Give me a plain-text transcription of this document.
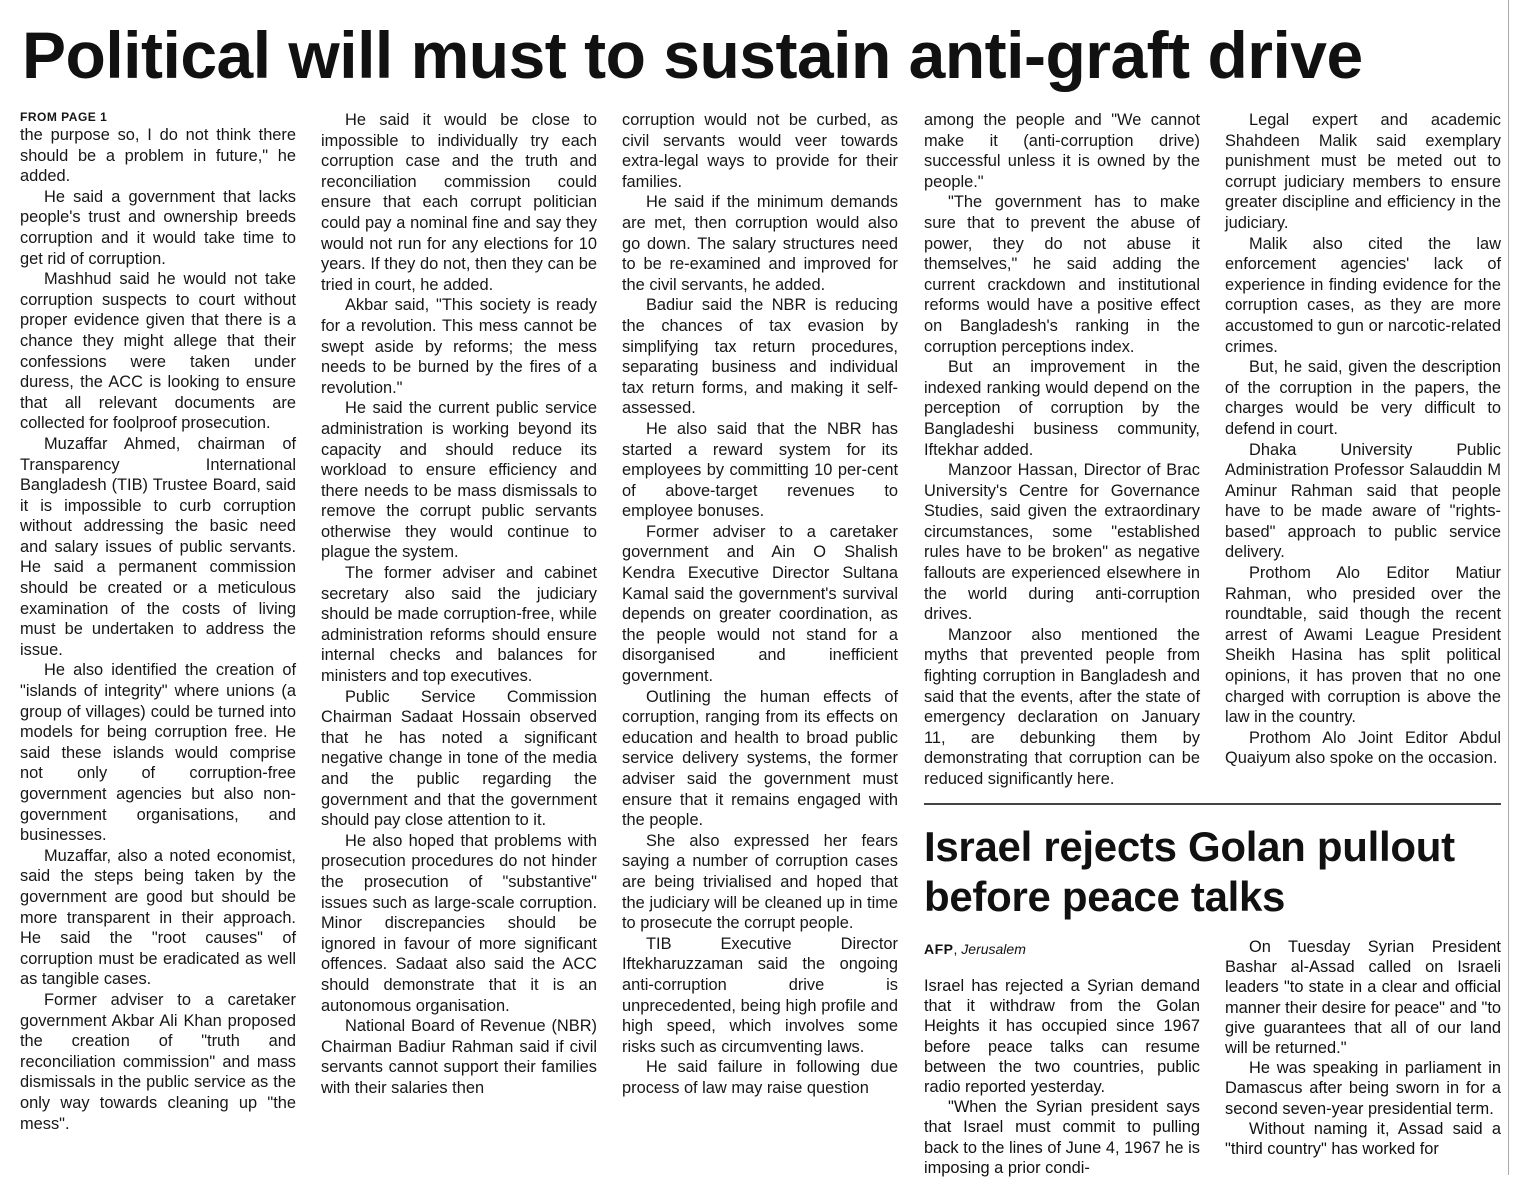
Political will must to sustain anti-graft drive
FROM PAGE 1

the purpose so, I do not think there should be a problem in future," he added.

He said a government that lacks people's trust and ownership breeds corruption and it would take time to get rid of corruption.

Mashhud said he would not take corruption suspects to court without proper evidence given that there is a chance they might allege that their confessions were taken under duress, the ACC is looking to ensure that all relevant documents are collected for foolproof prosecution.

Muzaffar Ahmed, chairman of Transparency International Bangladesh (TIB) Trustee Board, said it is impossible to curb corruption without addressing the basic need and salary issues of public servants. He said a permanent commission should be created or a meticulous examination of the costs of living must be undertaken to address the issue.

He also identified the creation of "islands of integrity" where unions (a group of villages) could be turned into models for being corruption free. He said these islands would comprise not only of corruption-free government agencies but also non-government organisations, and businesses.

Muzaffar, also a noted economist, said the steps being taken by the government are good but should be more transparent in their approach. He said the "root causes" of corruption must be eradicated as well as tangible cases.

Former adviser to a caretaker government Akbar Ali Khan proposed the creation of "truth and reconciliation commission" and mass dismissals in the public service as the only way towards cleaning up "the mess".

He said it would be close to impossible to individually try each corruption case and the truth and reconciliation commission could ensure that each corrupt politician could pay a nominal fine and say they would not run for any elections for 10 years. If they do not, then they can be tried in court, he added.

Akbar said, "This society is ready for a revolution. This mess cannot be swept aside by reforms; the mess needs to be burned by the fires of a revolution."

He said the current public service administration is working beyond its capacity and should reduce its workload to ensure efficiency and there needs to be mass dismissals to remove the corrupt public servants otherwise they would continue to plague the system.

The former adviser and cabinet secretary also said the judiciary should be made corruption-free, while administration reforms should ensure internal checks and balances for ministers and top executives.

Public Service Commission Chairman Sadaat Hossain observed that he has noted a significant negative change in tone of the media and the public regarding the government and that the government should pay close attention to it.

He also hoped that problems with prosecution procedures do not hinder the prosecution of "substantive" issues such as large-scale corruption. Minor discrepancies should be ignored in favour of more significant offences. Sadaat also said the ACC should demonstrate that it is an autonomous organisation.

National Board of Revenue (NBR) Chairman Badiur Rahman said if civil servants cannot support their families with their salaries then

corruption would not be curbed, as civil servants would veer towards extra-legal ways to provide for their families.

He said if the minimum demands are met, then corruption would also go down. The salary structures need to be re-examined and improved for the civil servants, he added.

Badiur said the NBR is reducing the chances of tax evasion by simplifying tax return procedures, separating business and individual tax return forms, and making it self-assessed.

He also said that the NBR has started a reward system for its employees by committing 10 per-cent of above-target revenues to employee bonuses.

Former adviser to a caretaker government and Ain O Shalish Kendra Executive Director Sultana Kamal said the government's survival depends on greater coordination, as the people would not stand for a disorganised and inefficient government.

Outlining the human effects of corruption, ranging from its effects on education and health to broad public service delivery systems, the former adviser said the government must ensure that it remains engaged with the people.

She also expressed her fears saying a number of corruption cases are being trivialised and hoped that the judiciary will be cleaned up in time to prosecute the corrupt people.

TIB Executive Director Iftekharuzzaman said the ongoing anti-corruption drive is unprecedented, being high profile and high speed, which involves some risks such as circumventing laws.

He said failure in following due process of law may raise question

among the people and "We cannot make it (anti-corruption drive) successful unless it is owned by the people."

"The government has to make sure that to prevent the abuse of power, they do not abuse it themselves," he said adding the current crackdown and institutional reforms would have a positive effect on Bangladesh's ranking in the corruption perceptions index.

But an improvement in the indexed ranking would depend on the perception of corruption by the Bangladeshi business community, Iftekhar added.

Manzoor Hassan, Director of Brac University's Centre for Governance Studies, said given the extraordinary circumstances, some "established rules have to be broken" as negative fallouts are experienced elsewhere in the world during anti-corruption drives.

Manzoor also mentioned the myths that prevented people from fighting corruption in Bangladesh and said that the events, after the state of emergency declaration on January 11, are debunking them by demonstrating that corruption can be reduced significantly here.

Legal expert and academic Shahdeen Malik said exemplary punishment must be meted out to corrupt judiciary members to ensure greater discipline and efficiency in the judiciary.

Malik also cited the law enforcement agencies' lack of experience in finding evidence for the corruption cases, as they are more accustomed to gun or narcotic-related crimes.

But, he said, given the description of the corruption in the papers, the charges would be very difficult to defend in court.

Dhaka University Public Administration Professor Salauddin M Aminur Rahman said that people have to be made aware of "rights-based" approach to public service delivery.

Prothom Alo Editor Matiur Rahman, who presided over the roundtable, said though the recent arrest of Awami League President Sheikh Hasina has split political opinions, it has proven that no one charged with corruption is above the law in the country.

Prothom Alo Joint Editor Abdul Quaiyum also spoke on the occasion.

Israel rejects Golan pullout before peace talks
AFP, Jerusalem

Israel has rejected a Syrian demand that it withdraw from the Golan Heights it has occupied since 1967 before peace talks can resume between the two countries, public radio reported yesterday.

"When the Syrian president says that Israel must commit to pulling back to the lines of June 4, 1967 he is imposing a prior condi-

On Tuesday Syrian President Bashar al-Assad called on Israeli leaders "to state in a clear and official manner their desire for peace" and "to give guarantees that all of our land will be returned."

He was speaking in parliament in Damascus after being sworn in for a second seven-year presidential term.

Without naming it, Assad said a "third country" has worked for
